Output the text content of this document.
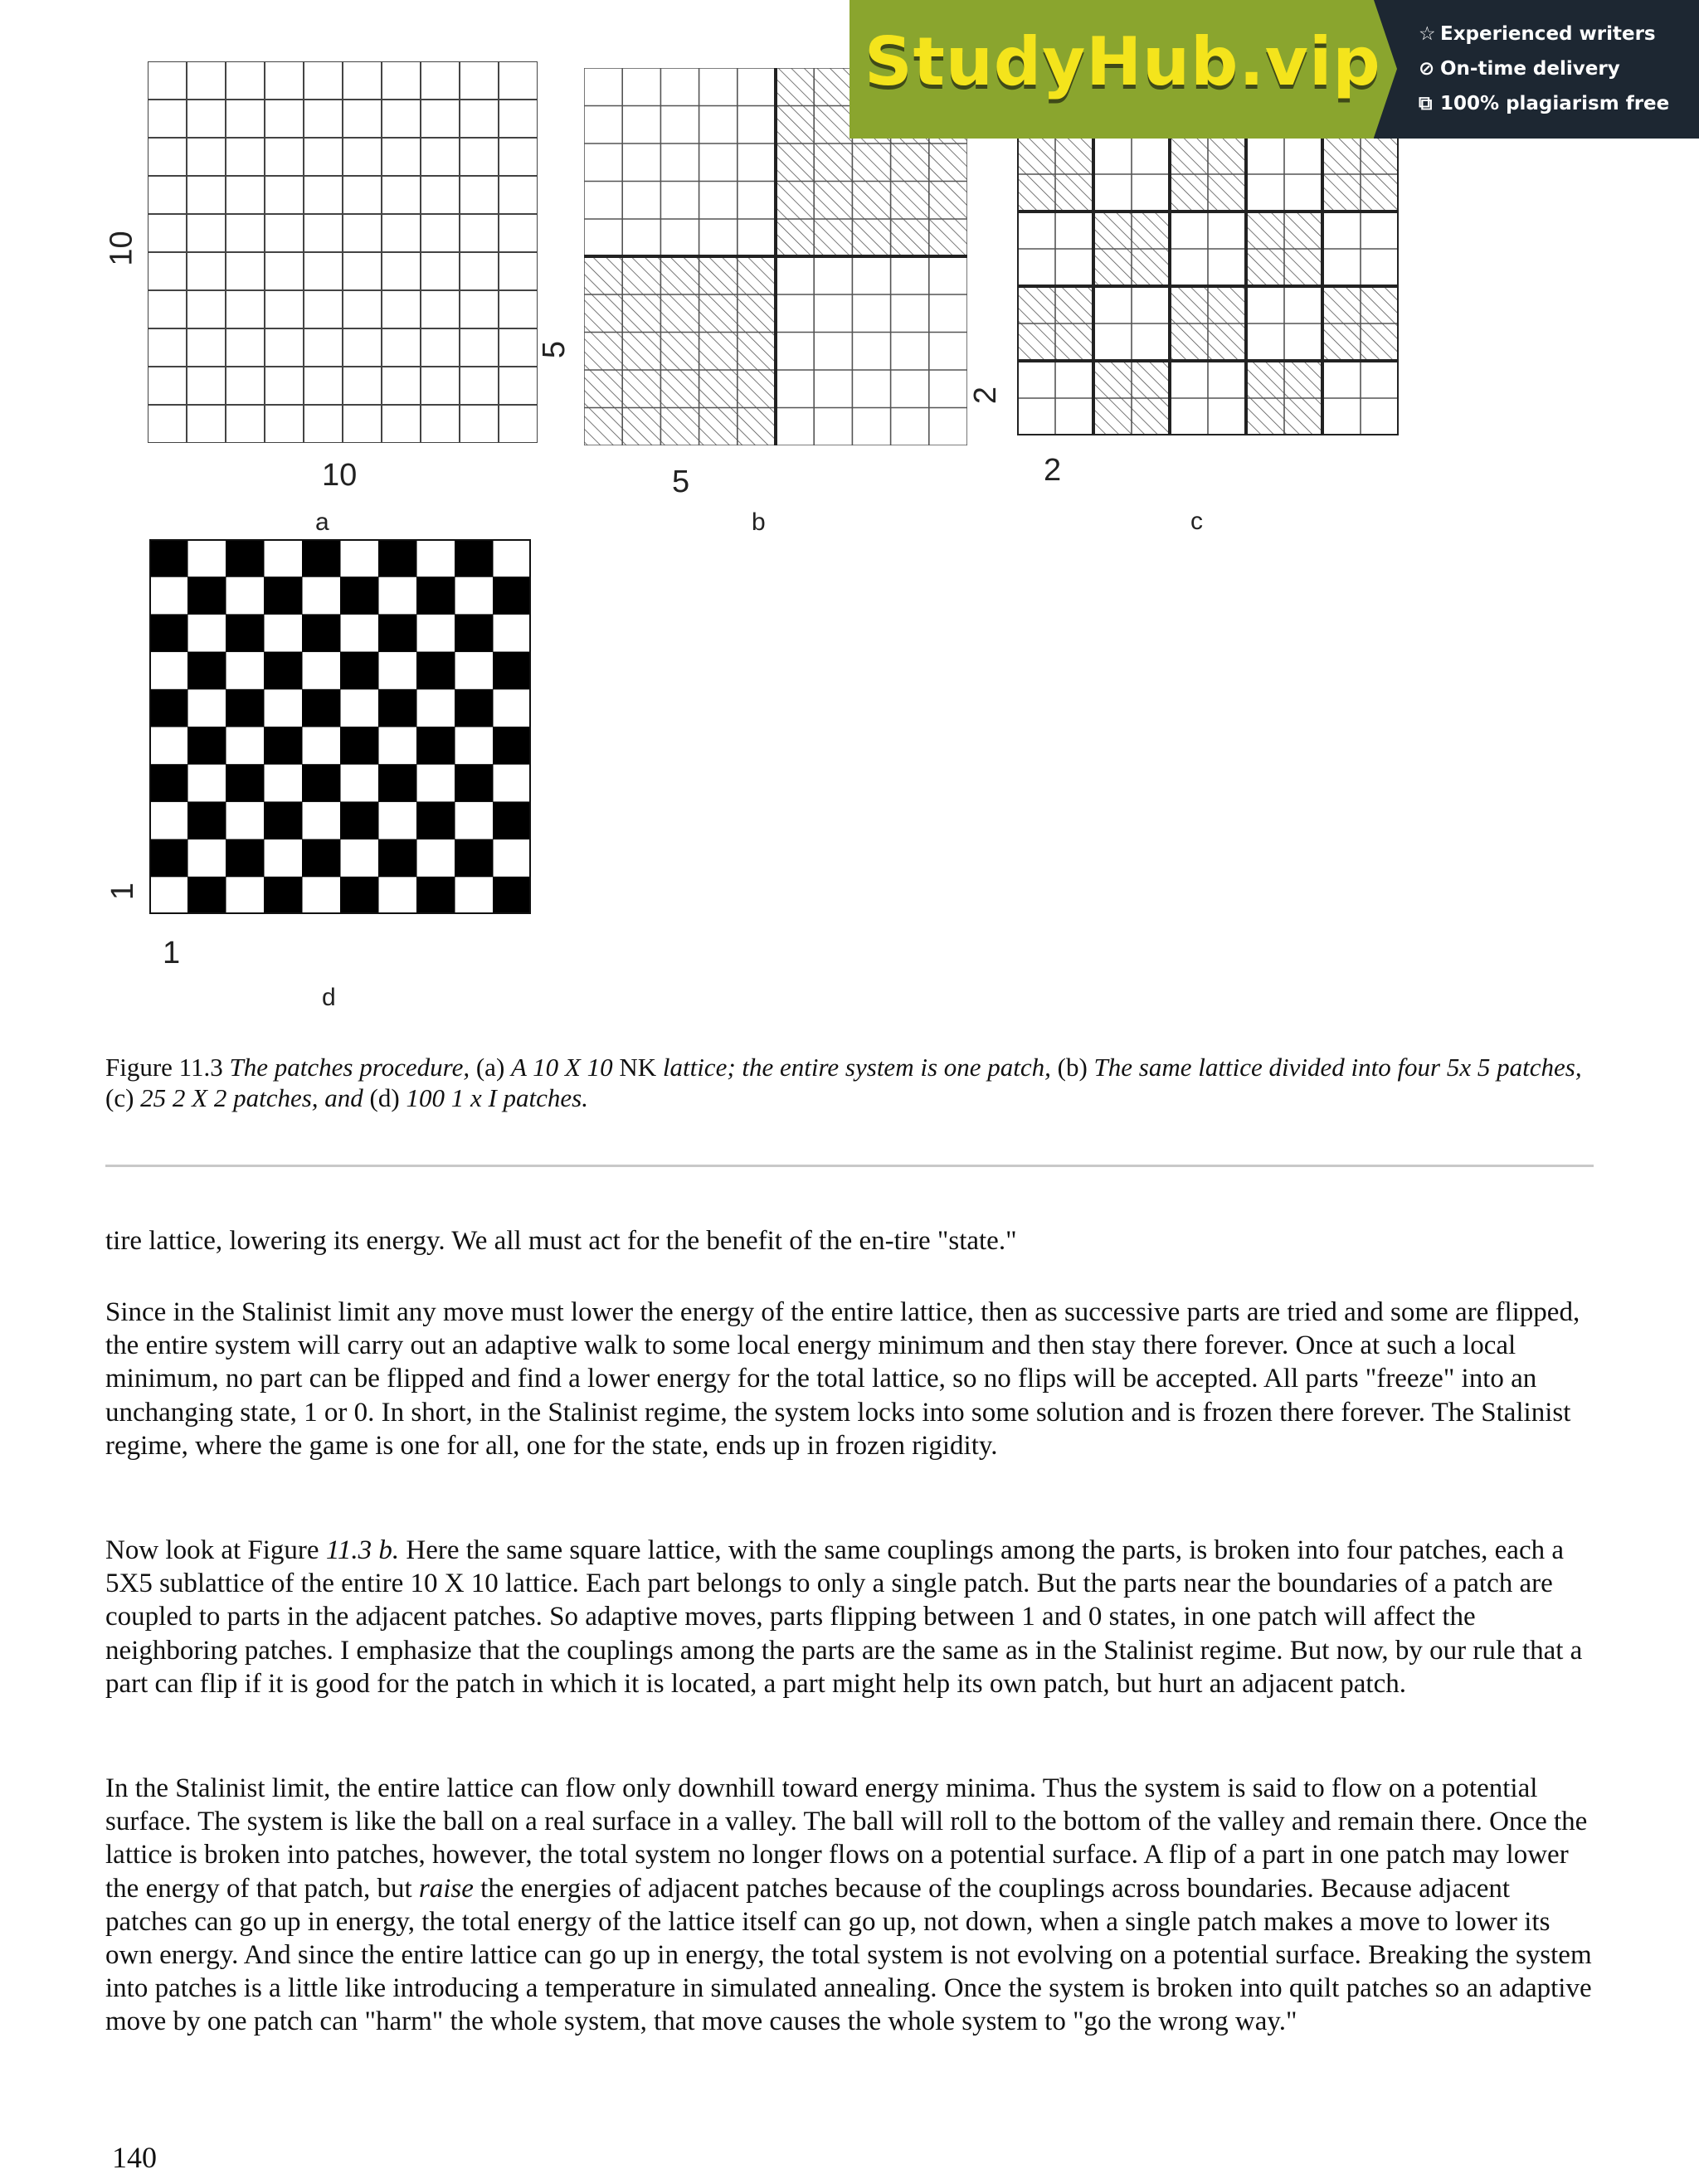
10
10
a
5
5
b
2
2
c
1
1
d
StudyHub.vip ☆ Experienced writers
⊘ On-time delivery
⧉ 100% plagiarism free
Figure 11.3 The patches procedure, (a) A 10 X 10 NK lattice; the entire system is one patch, (b) The same lattice divided into four 5x 5 patches, (c) 25 2 X 2 patches, and (d) 100 1 x I patches.

tire lattice, lowering its energy. We all must act for the benefit of the en-tire "state."

Since in the Stalinist limit any move must lower the energy of the entire lattice, then as successive parts are tried and some are flipped, the entire system will carry out an adaptive walk to some local energy minimum and then stay there forever. Once at such a local minimum, no part can be flipped and find a lower energy for the total lattice, so no flips will be accepted. All parts "freeze" into an unchanging state, 1 or 0. In short, in the Stalinist regime, the system locks into some solution and is frozen there forever. The Stalinist regime, where the game is one for all, one for the state, ends up in frozen rigidity.

Now look at Figure 11.3 b. Here the same square lattice, with the same couplings among the parts, is broken into four patches, each a 5X5 sublattice of the entire 10 X 10 lattice. Each part belongs to only a single patch. But the parts near the boundaries of a patch are coupled to parts in the adjacent patches. So adaptive moves, parts flipping between 1 and 0 states, in one patch will affect the neighboring patches. I emphasize that the couplings among the parts are the same as in the Stalinist regime. But now, by our rule that a part can flip if it is good for the patch in which it is located, a part might help its own patch, but hurt an adjacent patch.

In the Stalinist limit, the entire lattice can flow only downhill toward energy minima. Thus the system is said to flow on a potential surface. The system is like the ball on a real surface in a valley. The ball will roll to the bottom of the valley and remain there. Once the lattice is broken into patches, however, the total system no longer flows on a potential surface. A flip of a part in one patch may lower the energy of that patch, but raise the energies of adjacent patches because of the couplings across boundaries. Because adjacent patches can go up in energy, the total energy of the lattice itself can go up, not down, when a single patch makes a move to lower its own energy. And since the entire lattice can go up in energy, the total system is not evolving on a potential surface. Breaking the system into patches is a little like introducing a temperature in simulated annealing. Once the system is broken into quilt patches so an adaptive move by one patch can "harm" the whole system, that move causes the whole system to "go the wrong way."

140
